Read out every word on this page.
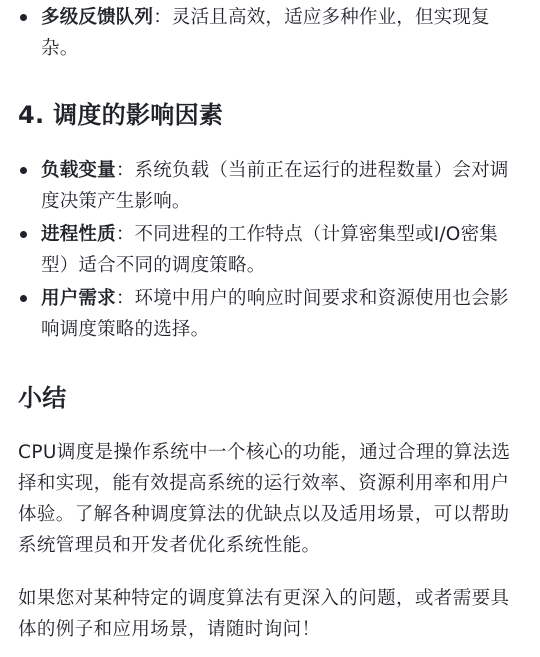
多级反馈队列：灵活且高效，适应多种作业，但实现复杂。
4. 调度的影响因素
负载变量：系统负载（当前正在运行的进程数量）会对调度决策产生影响。
进程性质：不同进程的工作特点（计算密集型或I/O密集型）适合不同的调度策略。
用户需求：环境中用户的响应时间要求和资源使用也会影响调度策略的选择。
小结

CPU调度是操作系统中一个核心的功能，通过合理的算法选择和实现，能有效提高系统的运行效率、资源利用率和用户体验。了解各种调度算法的优缺点以及适用场景，可以帮助系统管理员和开发者优化系统性能。

如果您对某种特定的调度算法有更深入的问题，或者需要具体的例子和应用场景，请随时询问！
